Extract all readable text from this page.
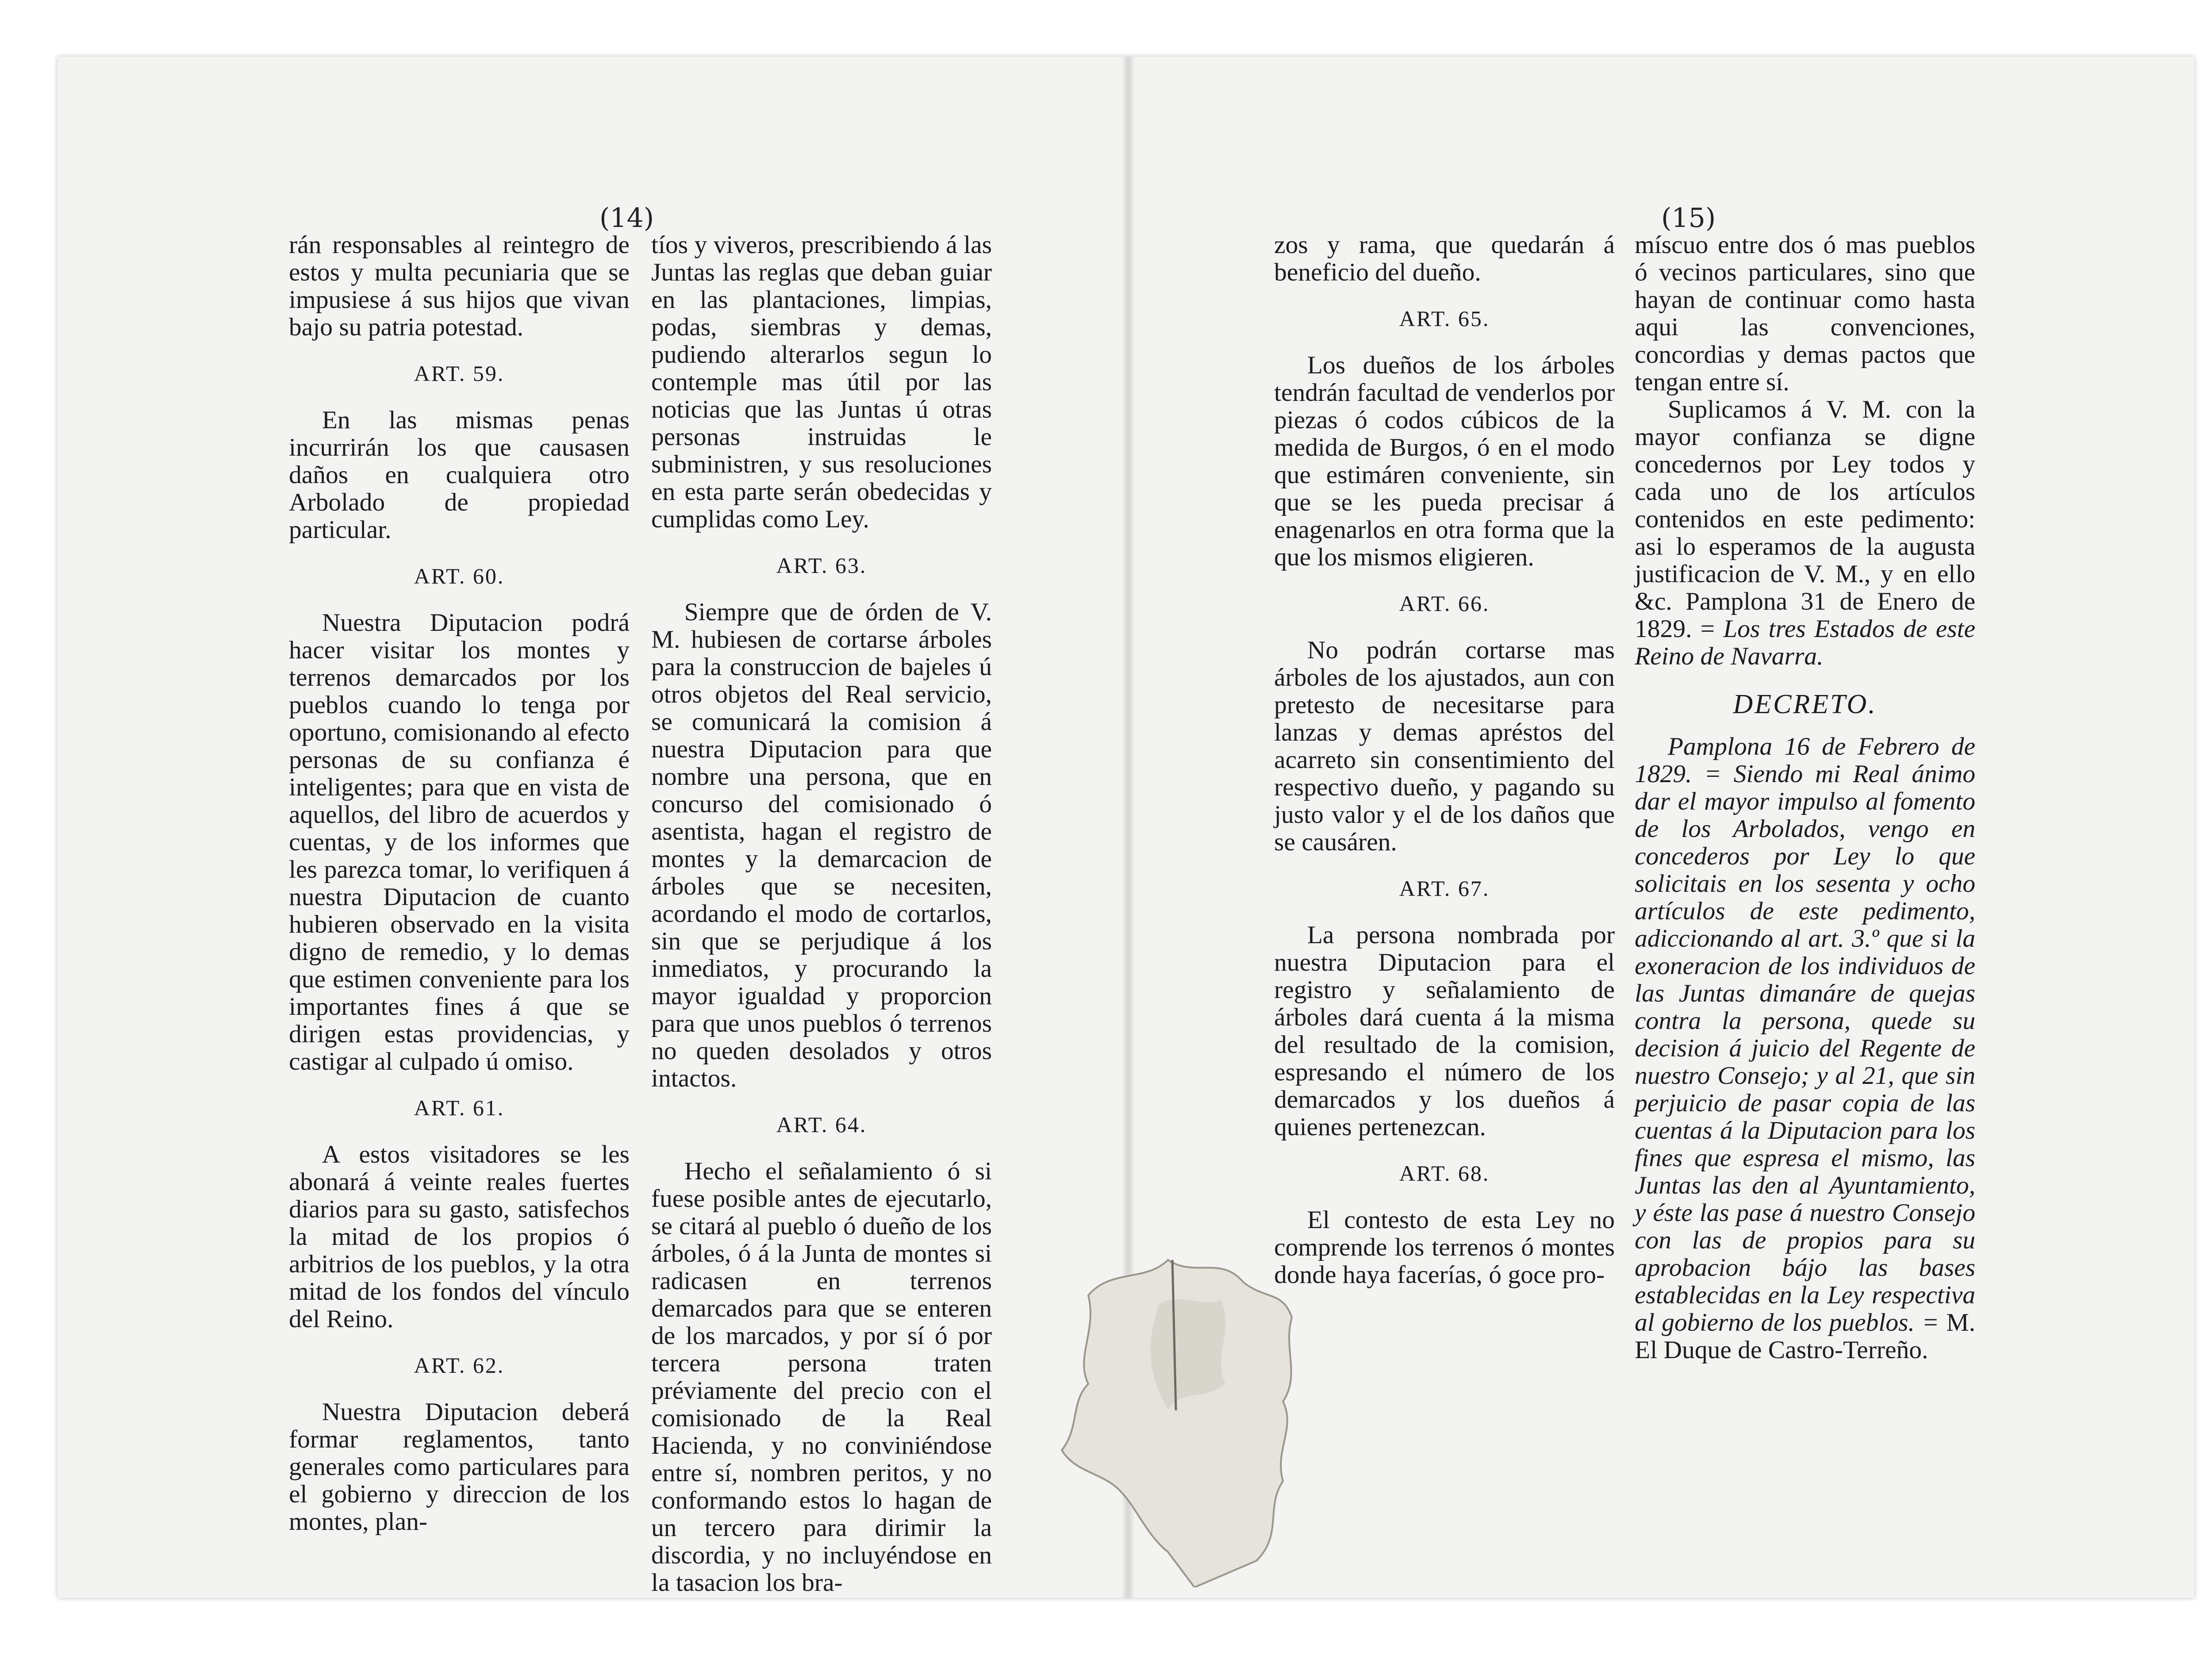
(14)

rán responsables al reintegro de estos y multa pecuniaria que se impusiese á sus hijos que vivan bajo su patria potestad.

ART. 59.

En las mismas penas incurrirán los que causasen daños en cualquiera otro Arbolado de propiedad particular.

ART. 60.

Nuestra Diputacion podrá hacer visitar los montes y terrenos demarcados por los pueblos cuando lo tenga por oportuno, comisionando al efecto personas de su confianza é inteligentes; para que en vista de aquellos, del libro de acuerdos y cuentas, y de los informes que les parezca tomar, lo verifiquen á nuestra Diputacion de cuanto hubieren observado en la visita digno de remedio, y lo demas que estimen conveniente para los importantes fines á que se dirigen estas providencias, y castigar al culpado ú omiso.

ART. 61.

A estos visitadores se les abonará á veinte reales fuertes diarios para su gasto, satisfechos la mitad de los propios ó arbitrios de los pueblos, y la otra mitad de los fondos del vínculo del Reino.

ART. 62.

Nuestra Diputacion deberá formar reglamentos, tanto generales como particulares para el gobierno y direccion de los montes, plan-

tíos y viveros, prescribiendo á las Juntas las reglas que deban guiar en las plantaciones, limpias, podas, siembras y demas, pudiendo alterarlos segun lo contemple mas útil por las noticias que las Juntas ú otras personas instruidas le subministren, y sus resoluciones en esta parte serán obedecidas y cumplidas como Ley.

ART. 63.

Siempre que de órden de V. M. hubiesen de cortarse árboles para la construccion de bajeles ú otros objetos del Real servicio, se comunicará la comision á nuestra Diputacion para que nombre una persona, que en concurso del comisionado ó asentista, hagan el registro de montes y la demarcacion de árboles que se necesiten, acordando el modo de cortarlos, sin que se perjudique á los inmediatos, y procurando la mayor igualdad y proporcion para que unos pueblos ó terrenos no queden desolados y otros intactos.

ART. 64.

Hecho el señalamiento ó si fuese posible antes de ejecutarlo, se citará al pueblo ó dueño de los árboles, ó á la Junta de montes si radicasen en terrenos demarcados para que se enteren de los marcados, y por sí ó por tercera persona traten préviamente del precio con el comisionado de la Real Hacienda, y no conviniéndose entre sí, nombren peritos, y no conformando estos lo hagan de un tercero para dirimir la discordia, y no incluyéndose en la tasacion los bra-

(15)

zos y rama, que quedarán á beneficio del dueño.

ART. 65.

Los dueños de los árboles tendrán facultad de venderlos por piezas ó codos cúbicos de la medida de Burgos, ó en el modo que estimáren conveniente, sin que se les pueda precisar á enagenarlos en otra forma que la que los mismos eligieren.

ART. 66.

No podrán cortarse mas árboles de los ajustados, aun con pretesto de necesitarse para lanzas y demas apréstos del acarreto sin consentimiento del respectivo dueño, y pagando su justo valor y el de los daños que se causáren.

ART. 67.

La persona nombrada por nuestra Diputacion para el registro y señalamiento de árboles dará cuenta á la misma del resultado de la comision, espresando el número de los demarcados y los dueños á quienes pertenezcan.

ART. 68.

El contesto de esta Ley no comprende los terrenos ó montes donde haya facerías, ó goce pro-

míscuo entre dos ó mas pueblos ó vecinos particulares, sino que hayan de continuar como hasta aqui las convenciones, concordias y demas pactos que tengan entre sí.

Suplicamos á V. M. con la mayor confianza se digne concedernos por Ley todos y cada uno de los artículos contenidos en este pedimento: asi lo esperamos de la augusta justificacion de V. M., y en ello &c. Pamplona 31 de Enero de 1829. = Los tres Estados de este Reino de Navarra.

DECRETO.

Pamplona 16 de Febrero de 1829. = Siendo mi Real ánimo dar el mayor impulso al fomento de los Arbolados, vengo en concederos por Ley lo que solicitais en los sesenta y ocho artículos de este pedimento, adiccionando al art. 3.º que si la exoneracion de los individuos de las Juntas dimanáre de quejas contra la persona, quede su decision á juicio del Regente de nuestro Consejo; y al 21, que sin perjuicio de pasar copia de las cuentas á la Diputacion para los fines que espresa el mismo, las Juntas las den al Ayuntamiento, y éste las pase á nuestro Consejo con las de propios para su aprobacion bájo las bases establecidas en la Ley respectiva al gobierno de los pueblos. = M. El Duque de Castro-Terreño.
